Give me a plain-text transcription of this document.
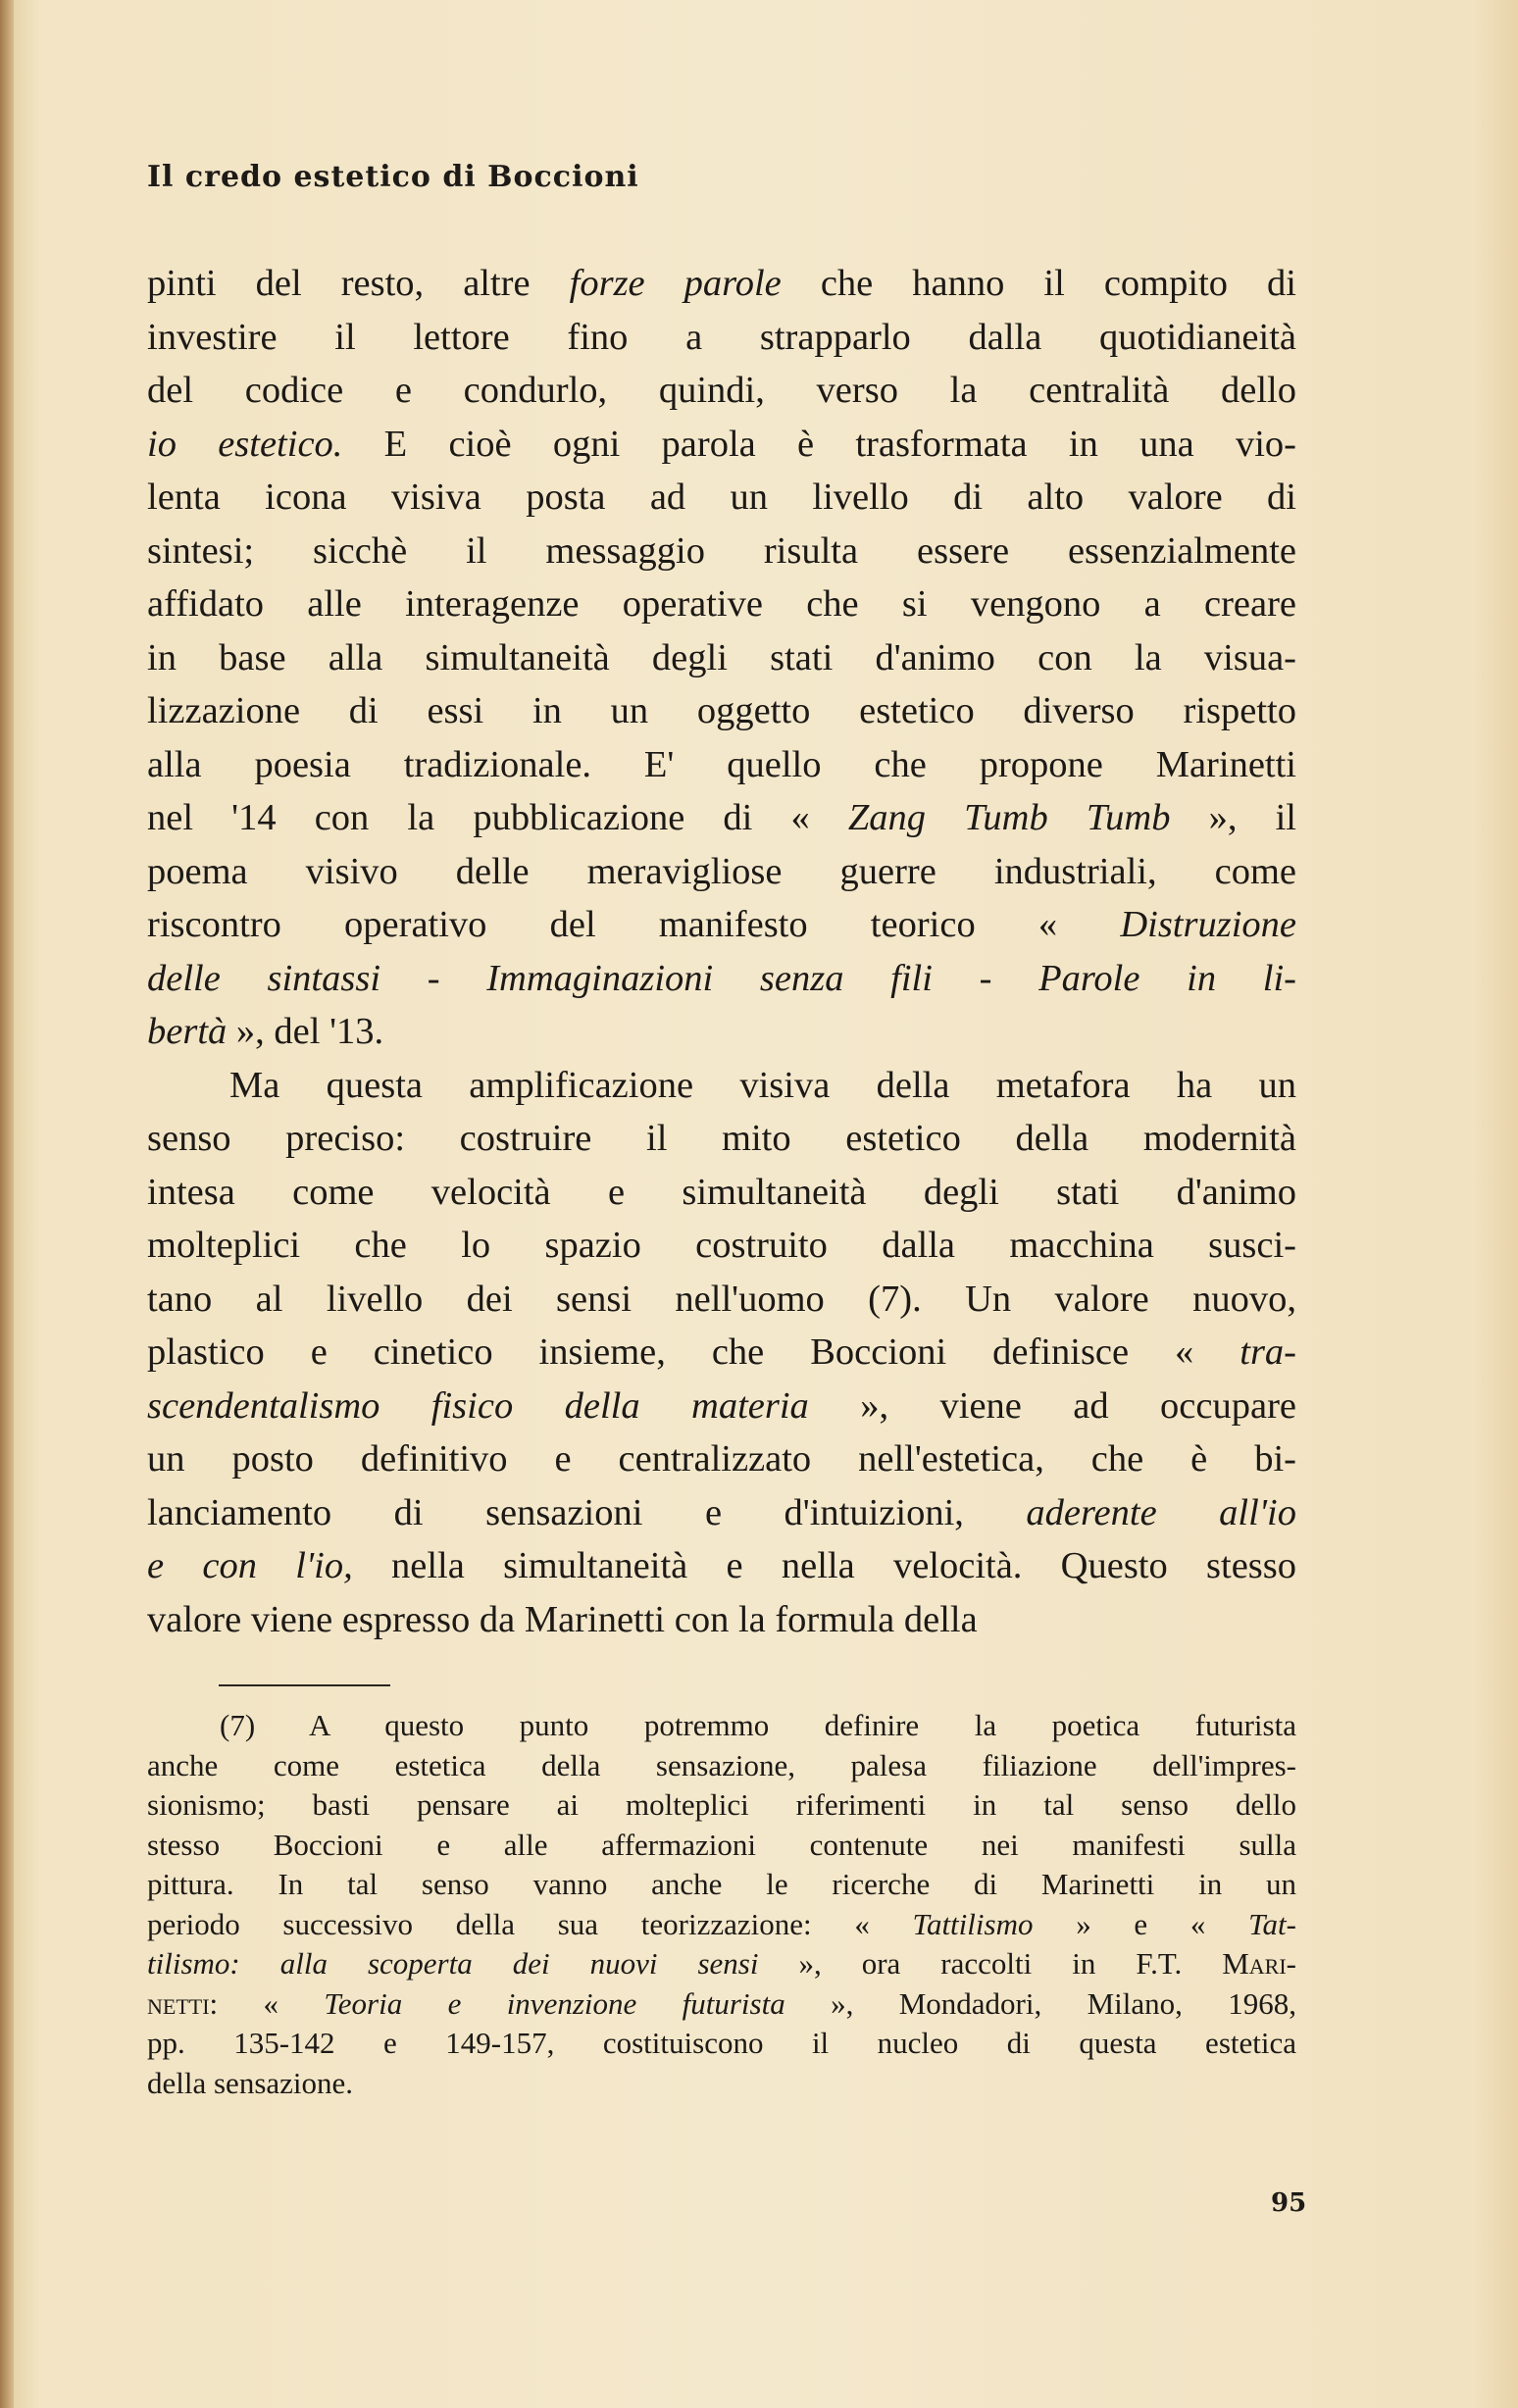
Il credo estetico di Boccioni
pinti del resto, altre forze parole che hanno il compito di
investire il lettore fino a strapparlo dalla quotidianeità
del codice e condurlo, quindi, verso la centralità dello
io estetico. E cioè ogni parola è trasformata in una vio-
lenta icona visiva posta ad un livello di alto valore di
sintesi; sicchè il messaggio risulta essere essenzialmente
affidato alle interagenze operative che si vengono a creare
in base alla simultaneità degli stati d'animo con la visua-
lizzazione di essi in un oggetto estetico diverso rispetto
alla poesia tradizionale. E' quello che propone Marinetti
nel '14 con la pubblicazione di « Zang Tumb Tumb », il
poema visivo delle meravigliose guerre industriali, come
riscontro operativo del manifesto teorico « Distruzione
delle sintassi - Immaginazioni senza fili - Parole in li-
bertà », del '13.
Ma questa amplificazione visiva della metafora ha un
senso preciso: costruire il mito estetico della modernità
intesa come velocità e simultaneità degli stati d'animo
molteplici che lo spazio costruito dalla macchina susci-
tano al livello dei sensi nell'uomo (7). Un valore nuovo,
plastico e cinetico insieme, che Boccioni definisce « tra-
scendentalismo fisico della materia », viene ad occupare
un posto definitivo e centralizzato nell'estetica, che è bi-
lanciamento di sensazioni e d'intuizioni, aderente all'io
e con l'io, nella simultaneità e nella velocità. Questo stesso
valore viene espresso da Marinetti con la formula della
(7) A questo punto potremmo definire la poetica futurista
anche come estetica della sensazione, palesa filiazione dell'impres-
sionismo; basti pensare ai molteplici riferimenti in tal senso dello
stesso Boccioni e alle affermazioni contenute nei manifesti sulla
pittura. In tal senso vanno anche le ricerche di Marinetti in un
periodo successivo della sua teorizzazione: « Tattilismo » e « Tat-
tilismo: alla scoperta dei nuovi sensi », ora raccolti in F.T. Mari-
netti: « Teoria e invenzione futurista », Mondadori, Milano, 1968,
pp. 135-142 e 149-157, costituiscono il nucleo di questa estetica
della sensazione.
95
